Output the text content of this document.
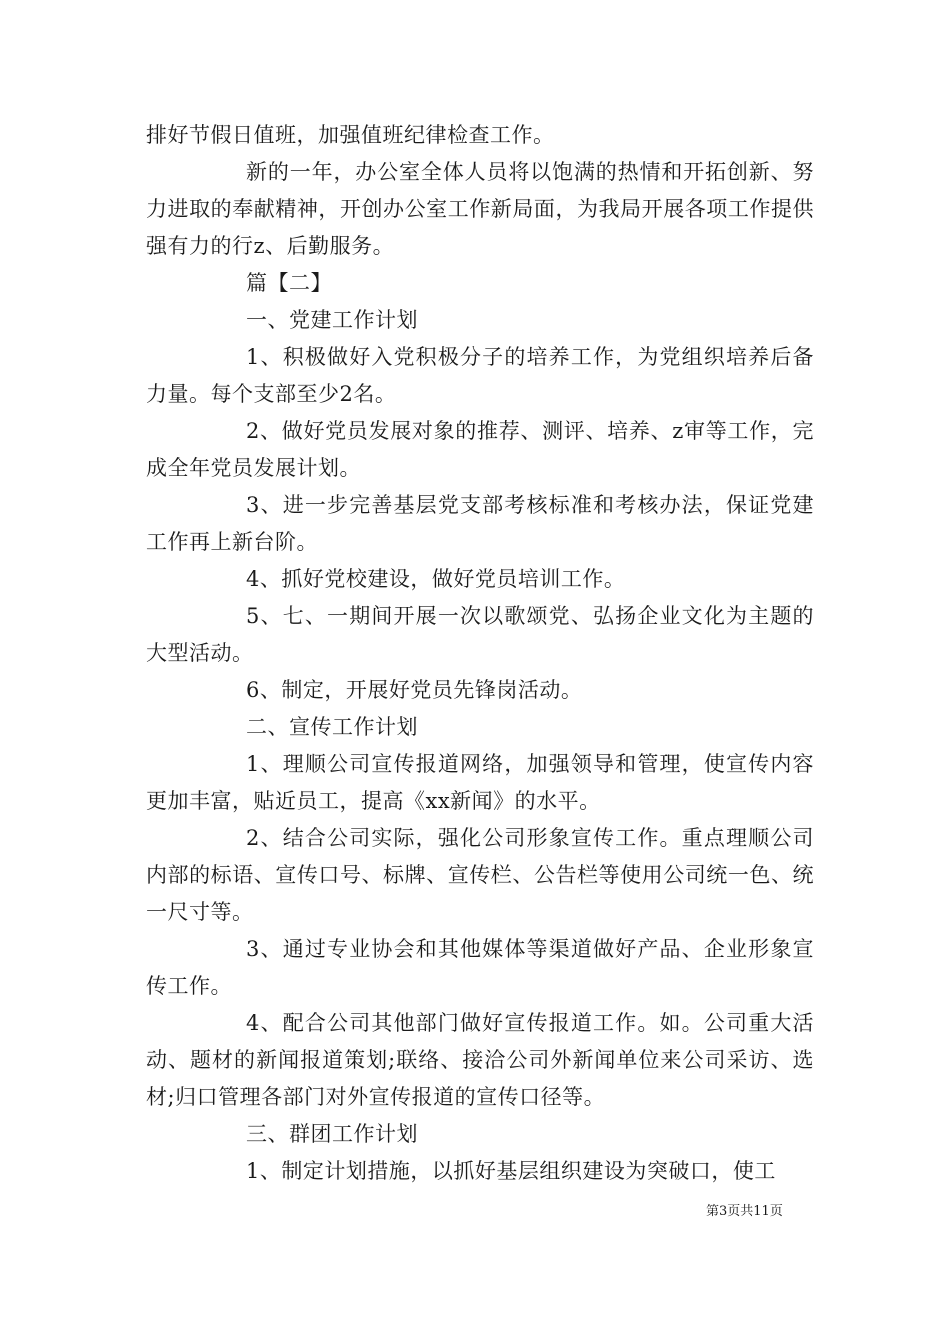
排好节假日值班，加强值班纪律检查工作。

新的一年，办公室全体人员将以饱满的热情和开拓创新、努力进取的奉献精神，开创办公室工作新局面，为我局开展各项工作提供强有力的行z、后勤服务。

篇【二】

一、党建工作计划

1、积极做好入党积极分子的培养工作，为党组织培养后备力量。每个支部至少2名。

2、做好党员发展对象的推荐、测评、培养、z审等工作，完成全年党员发展计划。

3、进一步完善基层党支部考核标准和考核办法，保证党建工作再上新台阶。

4、抓好党校建设，做好党员培训工作。

5、七、一期间开展一次以歌颂党、弘扬企业文化为主题的大型活动。

6、制定，开展好党员先锋岗活动。

二、宣传工作计划

1、理顺公司宣传报道网络，加强领导和管理，使宣传内容更加丰富，贴近员工，提高《xx新闻》的水平。

2、结合公司实际，强化公司形象宣传工作。重点理顺公司内部的标语、宣传口号、标牌、宣传栏、公告栏等使用公司统一色、统一尺寸等。

3、通过专业协会和其他媒体等渠道做好产品、企业形象宣传工作。

4、配合公司其他部门做好宣传报道工作。如。公司重大活动、题材的新闻报道策划;联络、接洽公司外新闻单位来公司采访、选材;归口管理各部门对外宣传报道的宣传口径等。

三、群团工作计划

1、制定计划措施，以抓好基层组织建设为突破口，使工

第3页共11页
